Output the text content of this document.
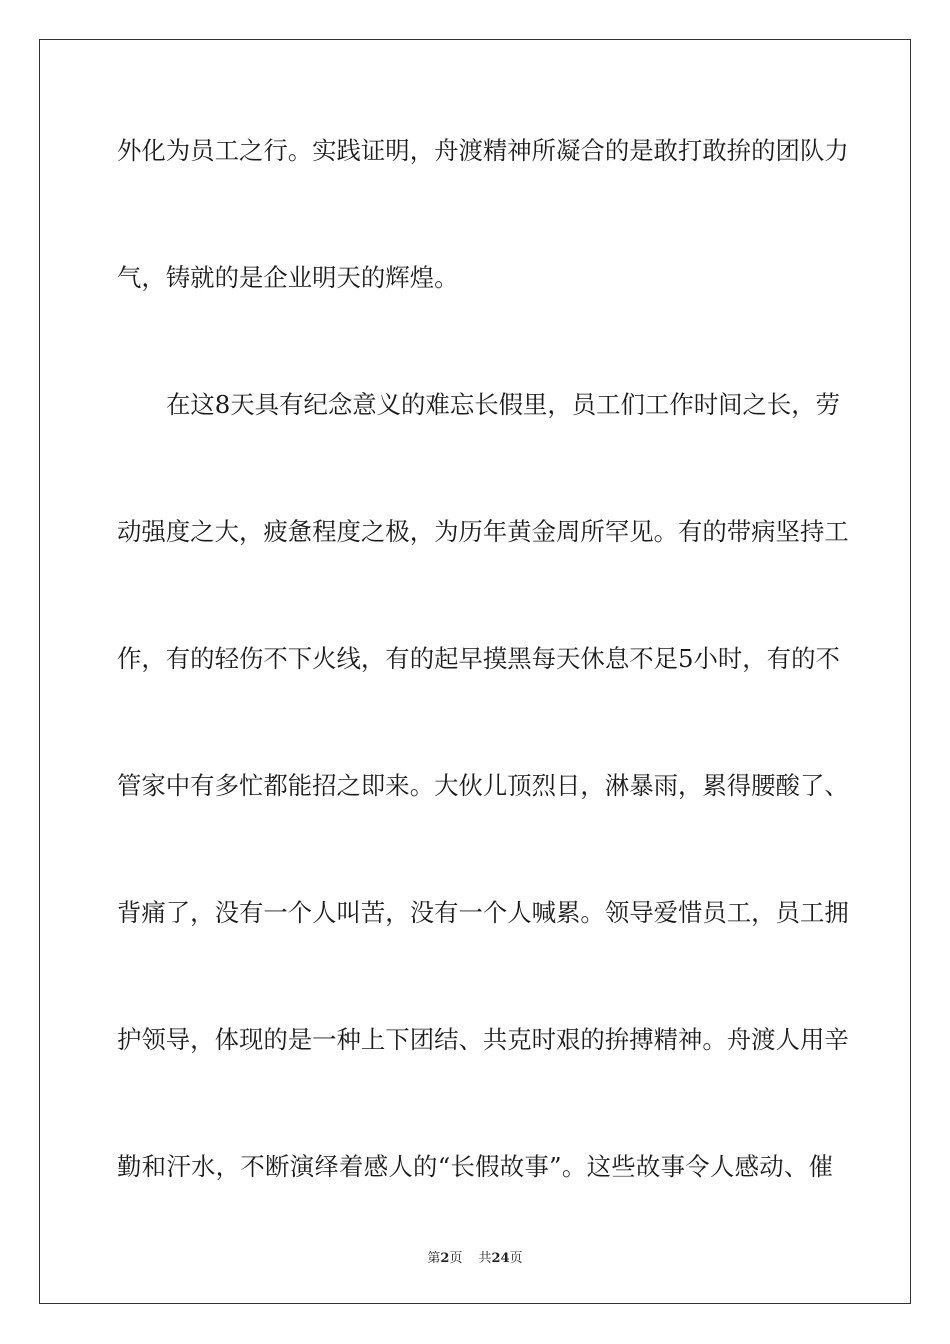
外化为员工之行。实践证明，舟渡精神所凝合的是敢打敢拚的团队力
气，铸就的是企业明天的辉煌。
在这8天具有纪念意义的难忘长假里，员工们工作时间之长，劳
动强度之大，疲惫程度之极，为历年黄金周所罕见。有的带病坚持工
作，有的轻伤不下火线，有的起早摸黑每天休息不足5小时，有的不
管家中有多忙都能招之即来。大伙儿顶烈日，淋暴雨，累得腰酸了、
背痛了，没有一个人叫苦，没有一个人喊累。领导爱惜员工，员工拥
护领导，体现的是一种上下团结、共克时艰的拚搏精神。舟渡人用辛
勤和汗水，不断演绎着感人的“长假故事”。这些故事令人感动、催
第2页 共24页
